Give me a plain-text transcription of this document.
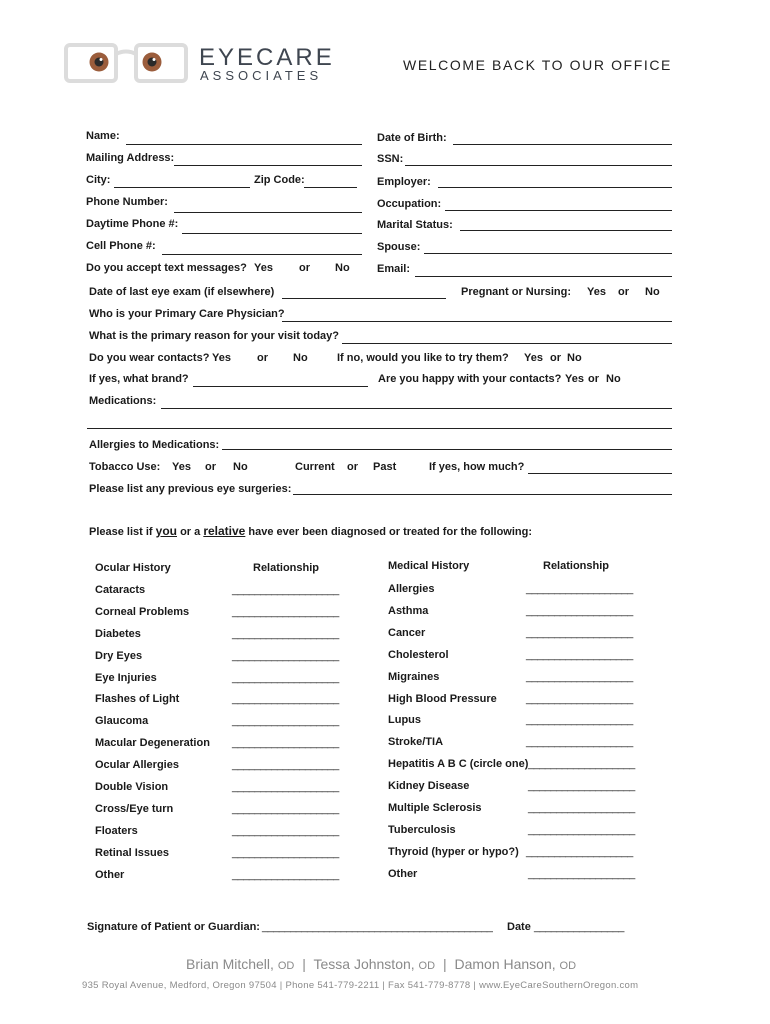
EYECARE
ASSOCIATES
WELCOME BACK TO OUR OFFICE
Name:
Mailing Address:
City:	Zip Code:
Phone Number:
Daytime Phone #:
Cell Phone #:
Do you accept text messages? Yes or No
Date of Birth:
SSN:
Employer:
Occupation:
Marital Status:
Spouse:
Email:
Date of last eye exam (if elsewhere)	Pregnant or Nursing: Yes or No
Who is your Primary Care Physician?
What is the primary reason for your visit today?
Do you wear contacts? Yes or No	If no, would you like to try them? Yes or No
If yes, what brand?	Are you happy with your contacts? Yes or No
Medications:
Allergies to Medications:
Tobacco Use: Yes or No	Current or Past	If yes, how much?
Please list any previous eye surgeries:
Please list if you or a relative have ever been diagnosed or treated for the following:
Ocular History	Relationship	Medical History	Relationship
Cataracts	___________________
Corneal Problems	___________________
Diabetes	___________________
Dry Eyes	___________________
Eye Injuries	___________________
Flashes of Light	___________________
Glaucoma	___________________
Macular Degeneration ___________________
Ocular Allergies	___________________
Double Vision	___________________
Cross/Eye turn	___________________
Floaters	___________________
Retinal Issues	___________________
Other	___________________
Allergies	___________________
Asthma	___________________
Cancer	___________________
Cholesterol	___________________
Migraines	___________________
High Blood Pressure	___________________
Lupus	___________________
Stroke/TIA	___________________
Hepatitis A B C (circle one) ___________________
Kidney Disease	___________________
Multiple Sclerosis	___________________
Tuberculosis	___________________
Thyroid (hyper or hypo?) ___________________
Other	___________________
Signature of Patient or Guardian: _________________________________________ Date ________________
Brian Mitchell, OD | Tessa Johnston, OD | Damon Hanson, OD
935 Royal Avenue, Medford, Oregon 97504 | Phone 541-779-2211 | Fax 541-779-8778 | www.EyeCareSouthernOregon.com
